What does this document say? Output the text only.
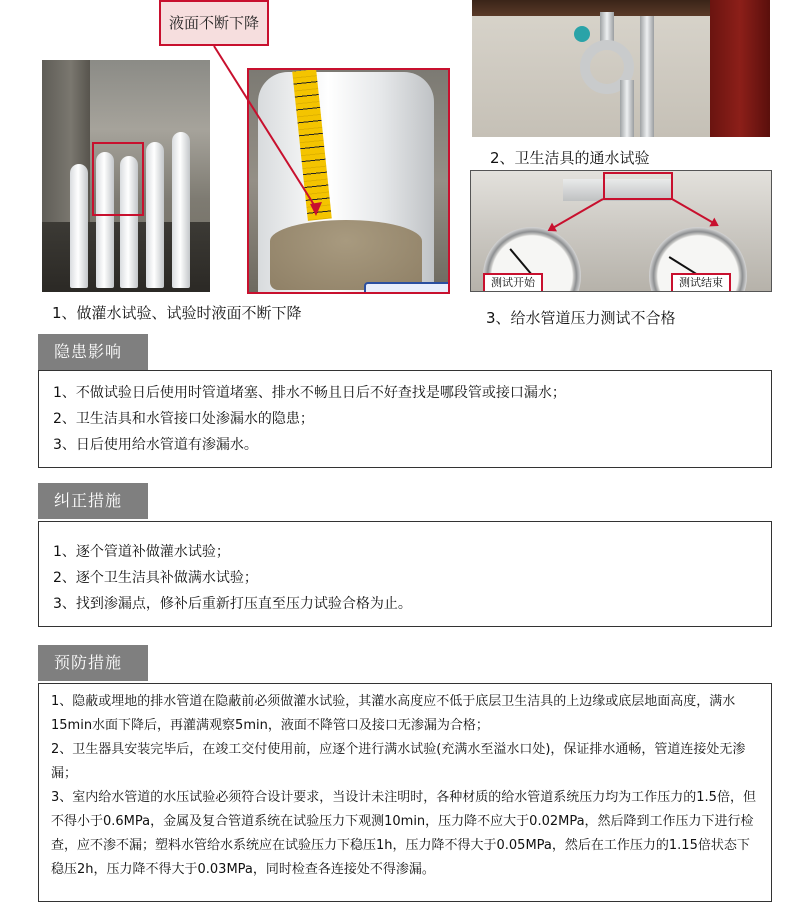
液面不断下降
1、做灌水试验、试验时液面不断下降
2、卫生洁具的通水试验
测试开始	测试结束
3、给水管道压力测试不合格
隐患影响
1、不做试验日后使用时管道堵塞、排水不畅且日后不好查找是哪段管或接口漏水；
2、卫生洁具和水管接口处渗漏水的隐患；
3、日后使用给水管道有渗漏水。
纠正措施
1、逐个管道补做灌水试验；
2、逐个卫生洁具补做满水试验；
3、找到渗漏点，修补后重新打压直至压力试验合格为止。
预防措施
1、隐蔽或埋地的排水管道在隐蔽前必须做灌水试验，其灌水高度应不低于底层卫生洁具的上边缘或底层地面高度，满水15min水面下降后，再灌满观察5min，液面不降管口及接口无渗漏为合格；
2、卫生器具安装完毕后，在竣工交付使用前，应逐个进行满水试验(充满水至溢水口处)，保证排水通畅，管道连接处无渗漏；
3、室内给水管道的水压试验必须符合设计要求，当设计未注明时，各种材质的给水管道系统压力均为工作压力的1.5倍，但不得小于0.6MPa，金属及复合管道系统在试验压力下观测10min，压力降不应大于0.02MPa，然后降到工作压力下进行检查，应不渗不漏；塑料水管给水系统应在试验压力下稳压1h，压力降不得大于0.05MPa，然后在工作压力的1.15倍状态下稳压2h，压力降不得大于0.03MPa，同时检查各连接处不得渗漏。
